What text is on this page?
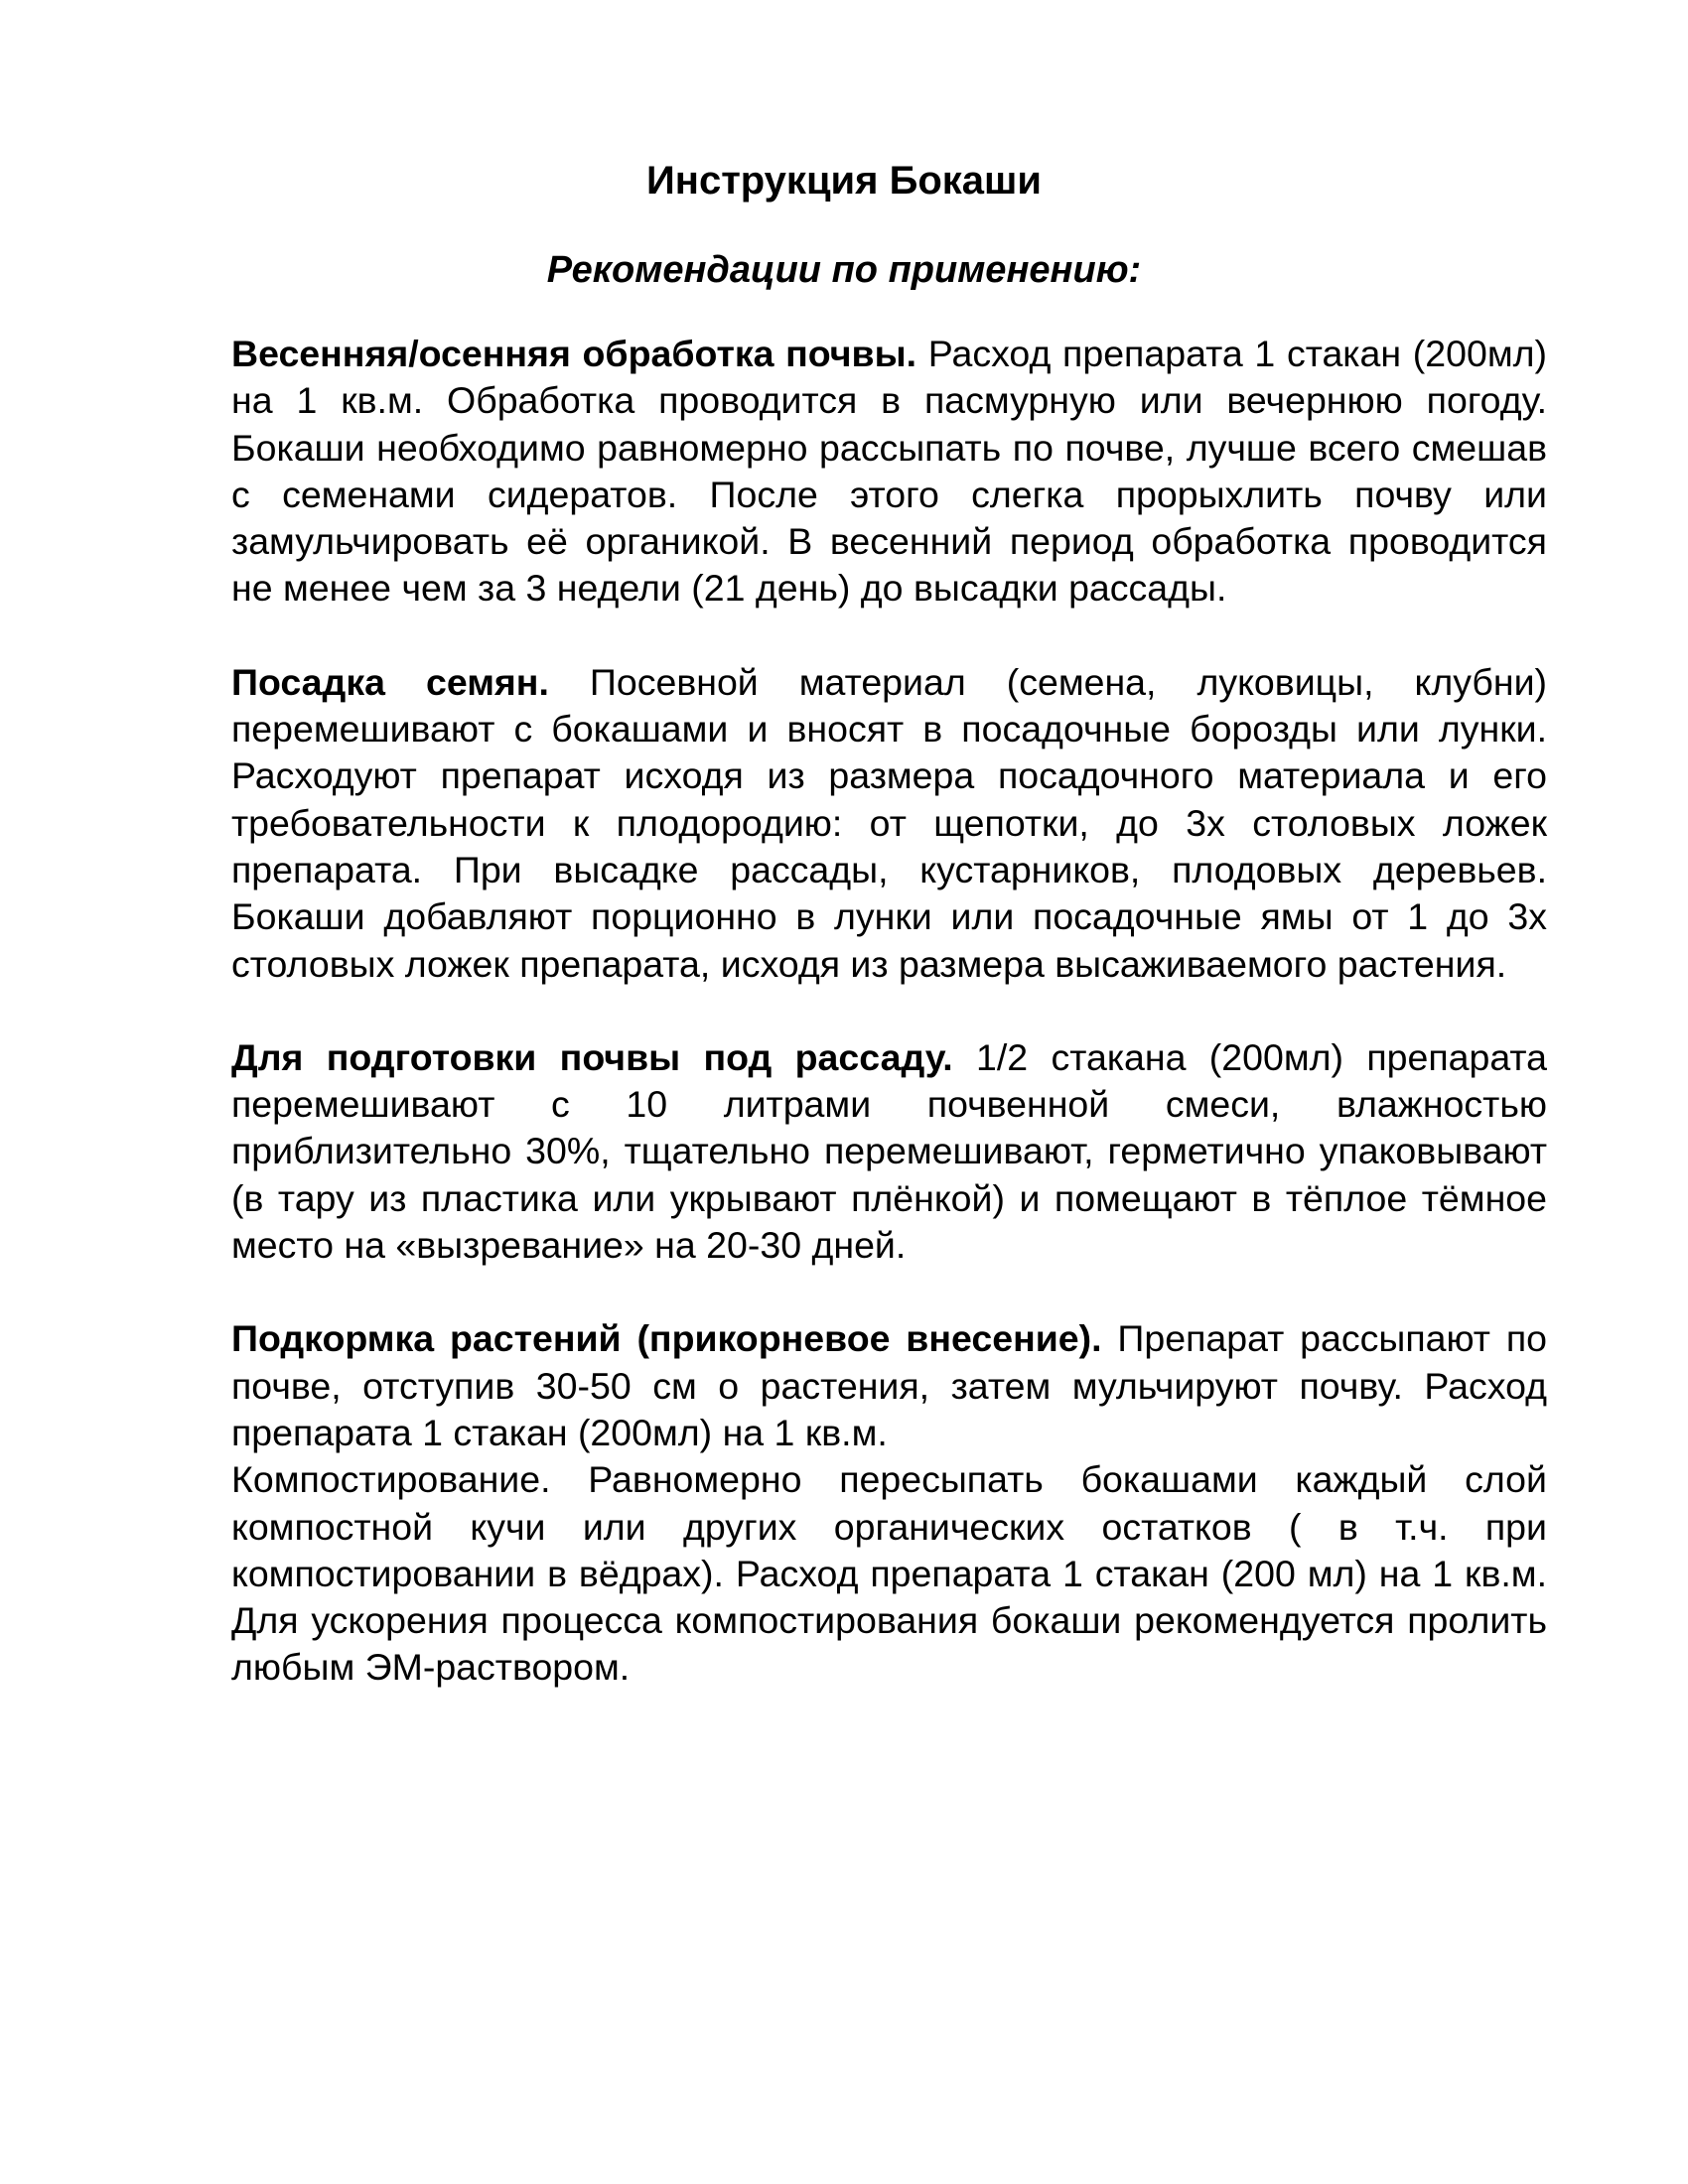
Инструкция Бокаши
Рекомендации по применению:

Весенняя/осенняя обработка почвы. Расход препарата 1 стакан (200мл) на 1 кв.м. Обработка проводится в пасмурную или вечернюю погоду. Бокаши необходимо равномерно рассыпать по почве, лучше всего смешав с семенами сидератов. После этого слегка прорыхлить почву или замульчировать её органикой. В весенний период обработка проводится не менее чем за 3 недели (21 день) до высадки рассады.

Посадка семян. Посевной материал (семена, луковицы, клубни) перемешивают с бокашами и вносят в посадочные борозды или лунки. Расходуют препарат исходя из размера посадочного материала и его требовательности к плодородию: от щепотки, до 3х столовых ложек препарата. При высадке рассады, кустарников, плодовых деревьев. Бокаши добавляют порционно в лунки или посадочные ямы от 1 до 3х столовых ложек препарата, исходя из размера высаживаемого растения.

Для подготовки почвы под рассаду. 1/2 стакана (200мл) препарата перемешивают с 10 литрами почвенной смеси, влажностью приблизительно 30%, тщательно перемешивают, герметично упаковывают (в тару из пластика или укрывают плёнкой) и помещают в тёплое тёмное место на «вызревание» на 20-30 дней.

Подкормка растений (прикорневое внесение). Препарат рассыпают по почве, отступив 30-50 см о растения, затем мульчируют почву. Расход препарата 1 стакан (200мл) на 1 кв.м.

Компостирование. Равномерно пересыпать бокашами каждый слой компостной кучи или других органических остатков ( в т.ч. при компостировании в вёдрах). Расход препарата 1 стакан (200 мл) на 1 кв.м. Для ускорения процесса компостирования бокаши рекомендуется пролить любым ЭМ-раствором.
